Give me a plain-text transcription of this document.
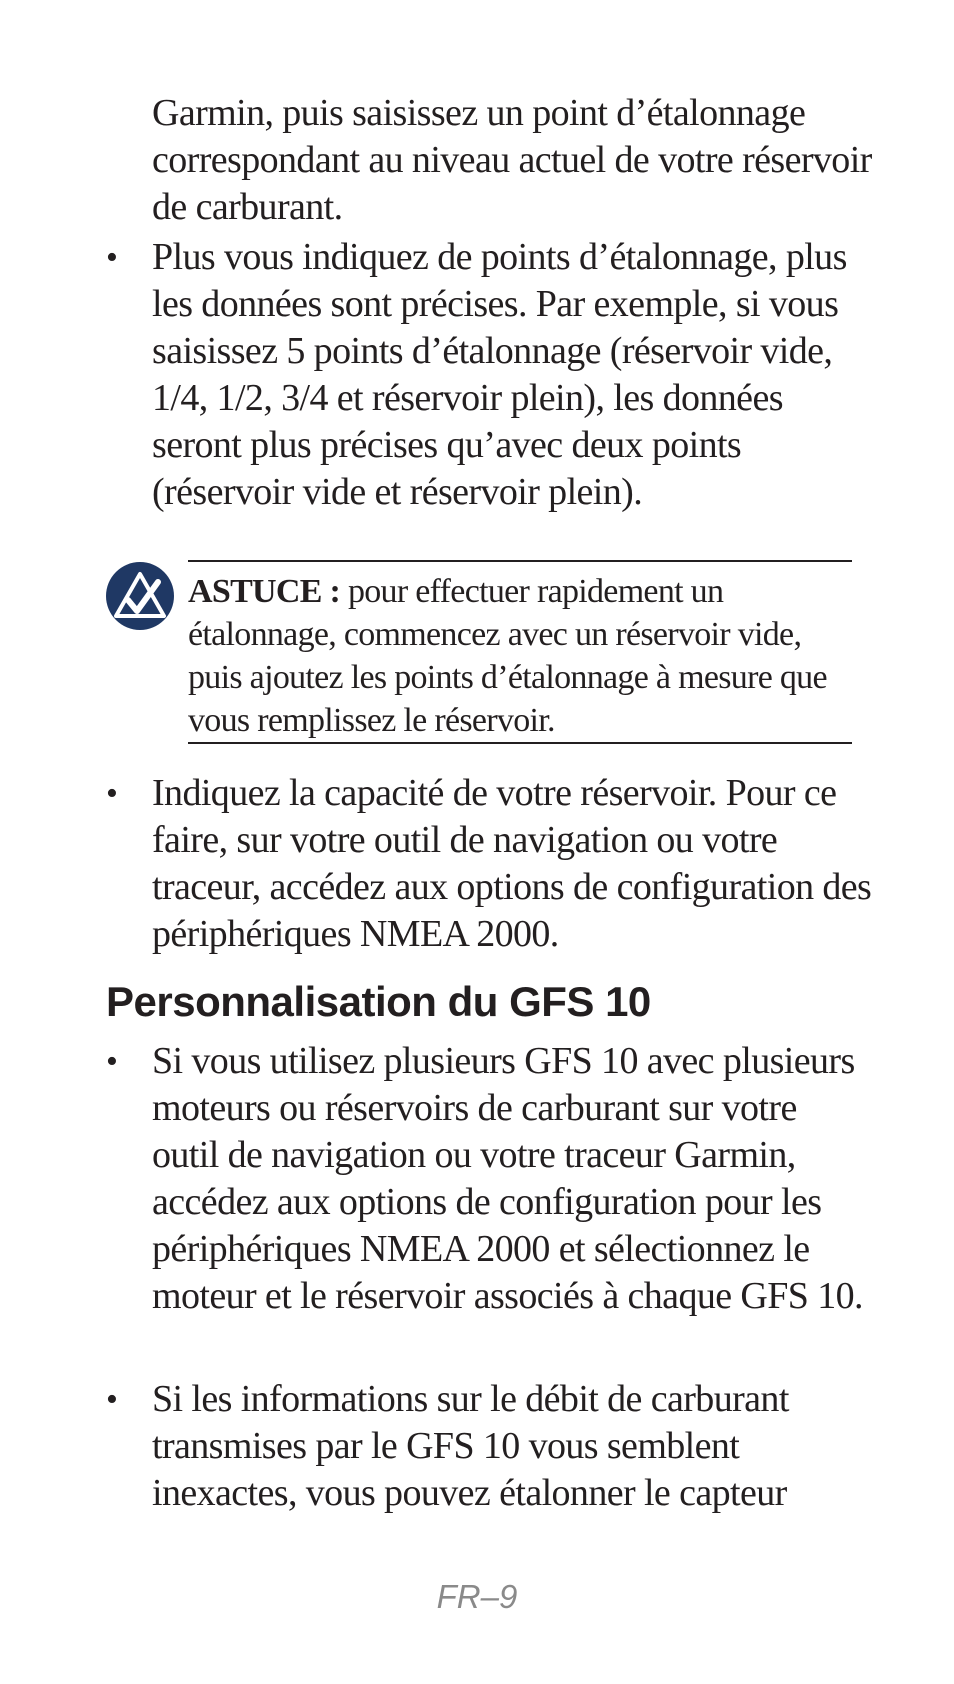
Garmin, puis saisissez un point d’étalonnage correspondant au niveau actuel de votre réservoir de carburant.
• Plus vous indiquez de points d’étalonnage, plus les données sont précises. Par exemple, si vous saisissez 5 points d’étalonnage (réservoir vide, 1/4, 1/2, 3/4 et réservoir plein), les données seront plus précises qu’avec deux points (réservoir vide et réservoir plein).
ASTUCE : pour effectuer rapidement un étalonnage, commencez avec un réservoir vide, puis ajoutez les points d’étalonnage à mesure que vous remplissez le réservoir.
• Indiquez la capacité de votre réservoir. Pour ce faire, sur votre outil de navigation ou votre traceur, accédez aux options de configuration des périphériques NMEA 2000.
Personnalisation du GFS 10
• Si vous utilisez plusieurs GFS 10 avec plusieurs moteurs ou réservoirs de carburant sur votre outil de navigation ou votre traceur Garmin, accédez aux options de configuration pour les périphériques NMEA 2000 et sélectionnez le moteur et le réservoir associés à chaque GFS 10.
• Si les informations sur le débit de carburant transmises par le GFS 10 vous semblent inexactes, vous pouvez étalonner le capteur
FR–9
